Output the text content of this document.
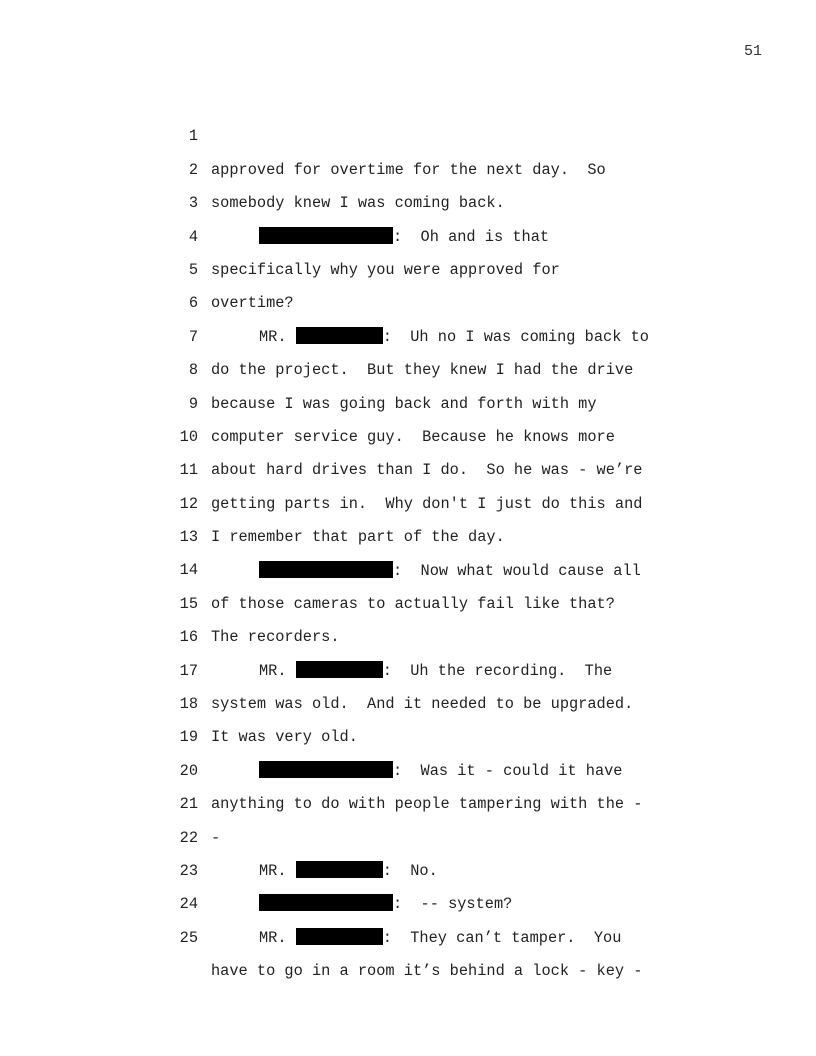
51

1

approved for overtime for the next day.  So

2

somebody knew I was coming back.

3

:  Oh and is that

4

specifically why you were approved for

5

overtime?

6

MR.	:  Uh no I was coming back to

7

do the project.  But they knew I had the drive

8

because I was going back and forth with my

9

computer service guy.  Because he knows more

10

about hard drives than I do.  So he was - we’re

11

getting parts in.  Why don't I just do this and

12

I remember that part of the day.

13

:  Now what would cause all

14

of those cameras to actually fail like that?

15

The recorders.

16

MR.	:  Uh the recording.  The

17

system was old.  And it needed to be upgraded.

18

It was very old.

19

:  Was it - could it have

20

anything to do with people tampering with the -

21

-

22

MR.	:  No.

23

:  -- system?

24

MR.	:  They can’t tamper.  You

25

have to go in a room it’s behind a lock - key -
